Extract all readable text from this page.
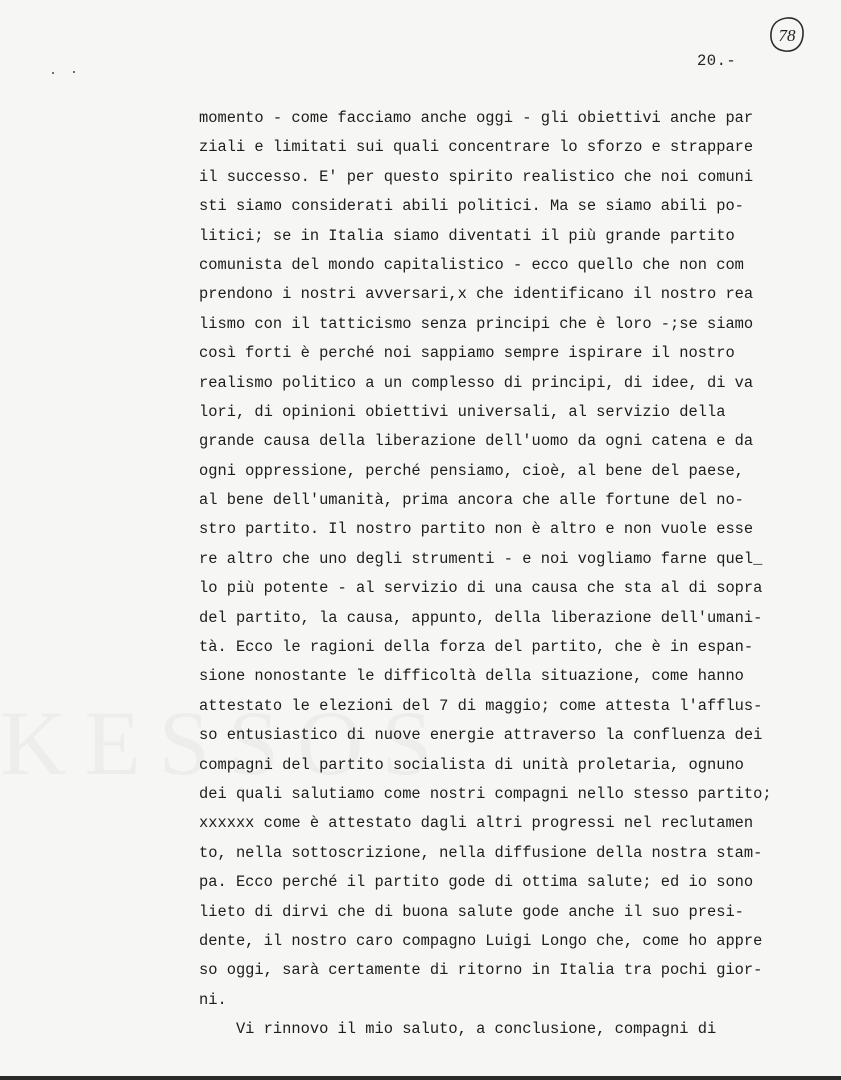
78
20.-
momento - come facciamo anche oggi - gli obiettivi anche par
ziali e limitati sui quali concentrare lo sforzo e strappare
il successo. E' per questo spirito realistico che noi comuni
sti siamo considerati abili politici. Ma se siamo abili po-
litici; se in Italia siamo diventati il più grande partito
comunista del mondo capitalistico - ecco quello che non com
prendono i nostri avversari,x che identificano il nostro rea
lismo con il tatticismo senza principi che è loro -;se siamo
così forti è perché noi sappiamo sempre ispirare il nostro
realismo politico a un complesso di principi, di idee, di va
lori, di opinioni obiettivi universali, al servizio della
grande causa della liberazione dell'uomo da ogni catena e da
ogni oppressione, perché pensiamo, cioè, al bene del paese,
al bene dell'umanità, prima ancora che alle fortune del no-
stro partito. Il nostro partito non è altro e non vuole esse
re altro che uno degli strumenti - e noi vogliamo farne quel_
lo più potente - al servizio di una causa che sta al di sopra
del partito, la causa, appunto, della liberazione dell'umani-
tà. Ecco le ragioni della forza del partito, che è in espan-
sione nonostante le difficoltà della situazione, come hanno
attestato le elezioni del 7 di maggio; come attesta l'afflus-
so entusiastico di nuove energie attraverso la confluenza dei
compagni del partito socialista di unità proletaria, ognuno
dei quali salutiamo come nostri compagni nello stesso partito;
xxxxxx come è attestato dagli altri progressi nel reclutamen
to, nella sottoscrizione, nella diffusione della nostra stam-
pa. Ecco perché il partito gode di ottima salute; ed io sono
lieto di dirvi che di buona salute gode anche il suo presi-
dente, il nostro caro compagno Luigi Longo che, come ho appre
so oggi, sarà certamente di ritorno in Italia tra pochi gior-
ni.
Vi rinnovo il mio saluto, a conclusione, compagni di
